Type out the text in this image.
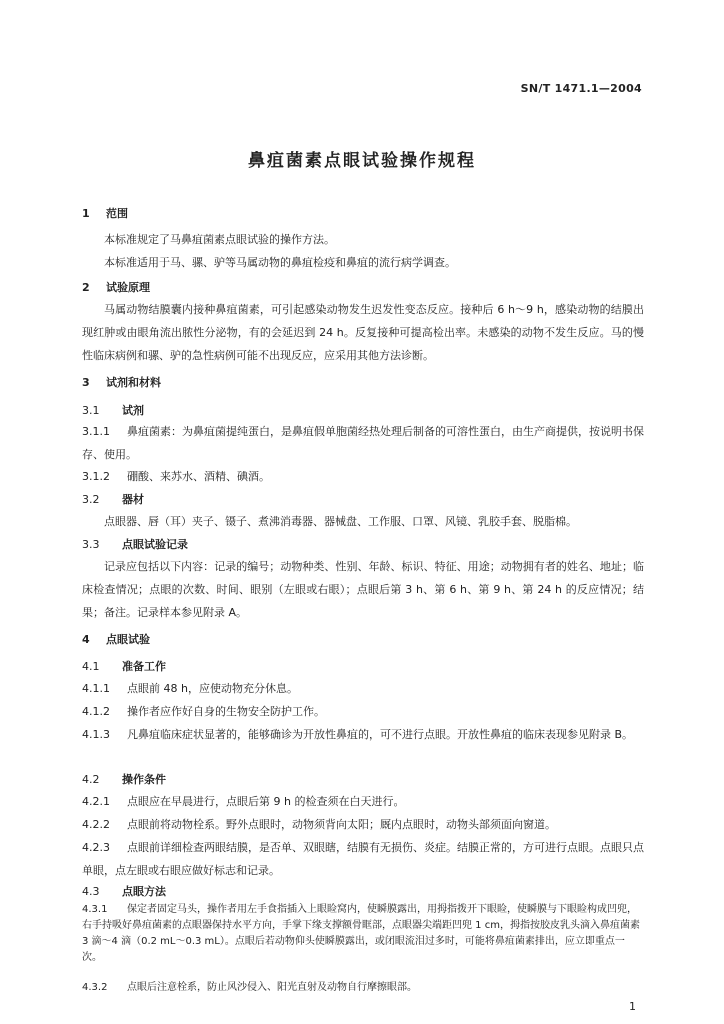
SN/T 1471.1—2004
鼻疽菌素点眼试验操作规程
1 范围
本标准规定了马鼻疽菌素点眼试验的操作方法。
本标准适用于马、骡、驴等马属动物的鼻疽检疫和鼻疽的流行病学调查。
2 试验原理
马属动物结膜囊内接种鼻疽菌素，可引起感染动物发生迟发性变态反应。接种后 6 h～9 h，感染动物的结膜出现红肿或由眼角流出脓性分泌物，有的会延迟到 24 h。反复接种可提高检出率。未感染的动物不发生反应。马的慢性临床病例和骡、驴的急性病例可能不出现反应，应采用其他方法诊断。
3 试剂和材料
3.1 试剂
3.1.1 鼻疽菌素：为鼻疽菌提纯蛋白，是鼻疽假单胞菌经热处理后制备的可溶性蛋白，由生产商提供，按说明书保存、使用。
3.1.2 硼酸、来苏水、酒精、碘酒。
3.2 器材
点眼器、唇（耳）夹子、镊子、煮沸消毒器、器械盘、工作服、口罩、风镜、乳胶手套、脱脂棉。
3.3 点眼试验记录
记录应包括以下内容：记录的编号；动物种类、性别、年龄、标识、特征、用途；动物拥有者的姓名、地址；临床检查情况；点眼的次数、时间、眼别（左眼或右眼）；点眼后第 3 h、第 6 h、第 9 h、第 24 h 的反应情况；结果；备注。记录样本参见附录 A。
4 点眼试验
4.1 准备工作
4.1.1 点眼前 48 h，应使动物充分休息。
4.1.2 操作者应作好自身的生物安全防护工作。
4.1.3 凡鼻疽临床症状显著的，能够确诊为开放性鼻疽的，可不进行点眼。开放性鼻疽的临床表现参见附录 B。
4.2 操作条件
4.2.1 点眼应在早晨进行，点眼后第 9 h 的检查须在白天进行。
4.2.2 点眼前将动物栓系。野外点眼时，动物须背向太阳；厩内点眼时，动物头部须面向窗道。
4.2.3 点眼前详细检查两眼结膜，是否单、双眼瞎，结膜有无损伤、炎症。结膜正常的，方可进行点眼。点眼只点单眼，点左眼或右眼应做好标志和记录。
4.3 点眼方法
4.3.1 保定者固定马头，操作者用左手食指插入上眼睑窝内，使瞬膜露出，用拇指拨开下眼睑，使瞬膜与下眼睑构成凹兜，右手持吸好鼻疽菌素的点眼器保持水平方向，手掌下缘支撑额骨眶部，点眼器尖端距凹兜 1 cm，拇指按胶皮乳头滴入鼻疽菌素 3 滴～4 滴（0.2 mL～0.3 mL）。点眼后若动物仰头使瞬膜露出，或闭眼流泪过多时，可能将鼻疽菌素排出，应立即重点一次。
4.3.2 点眼后注意栓系，防止风沙侵入、阳光直射及动物自行摩擦眼部。
1
